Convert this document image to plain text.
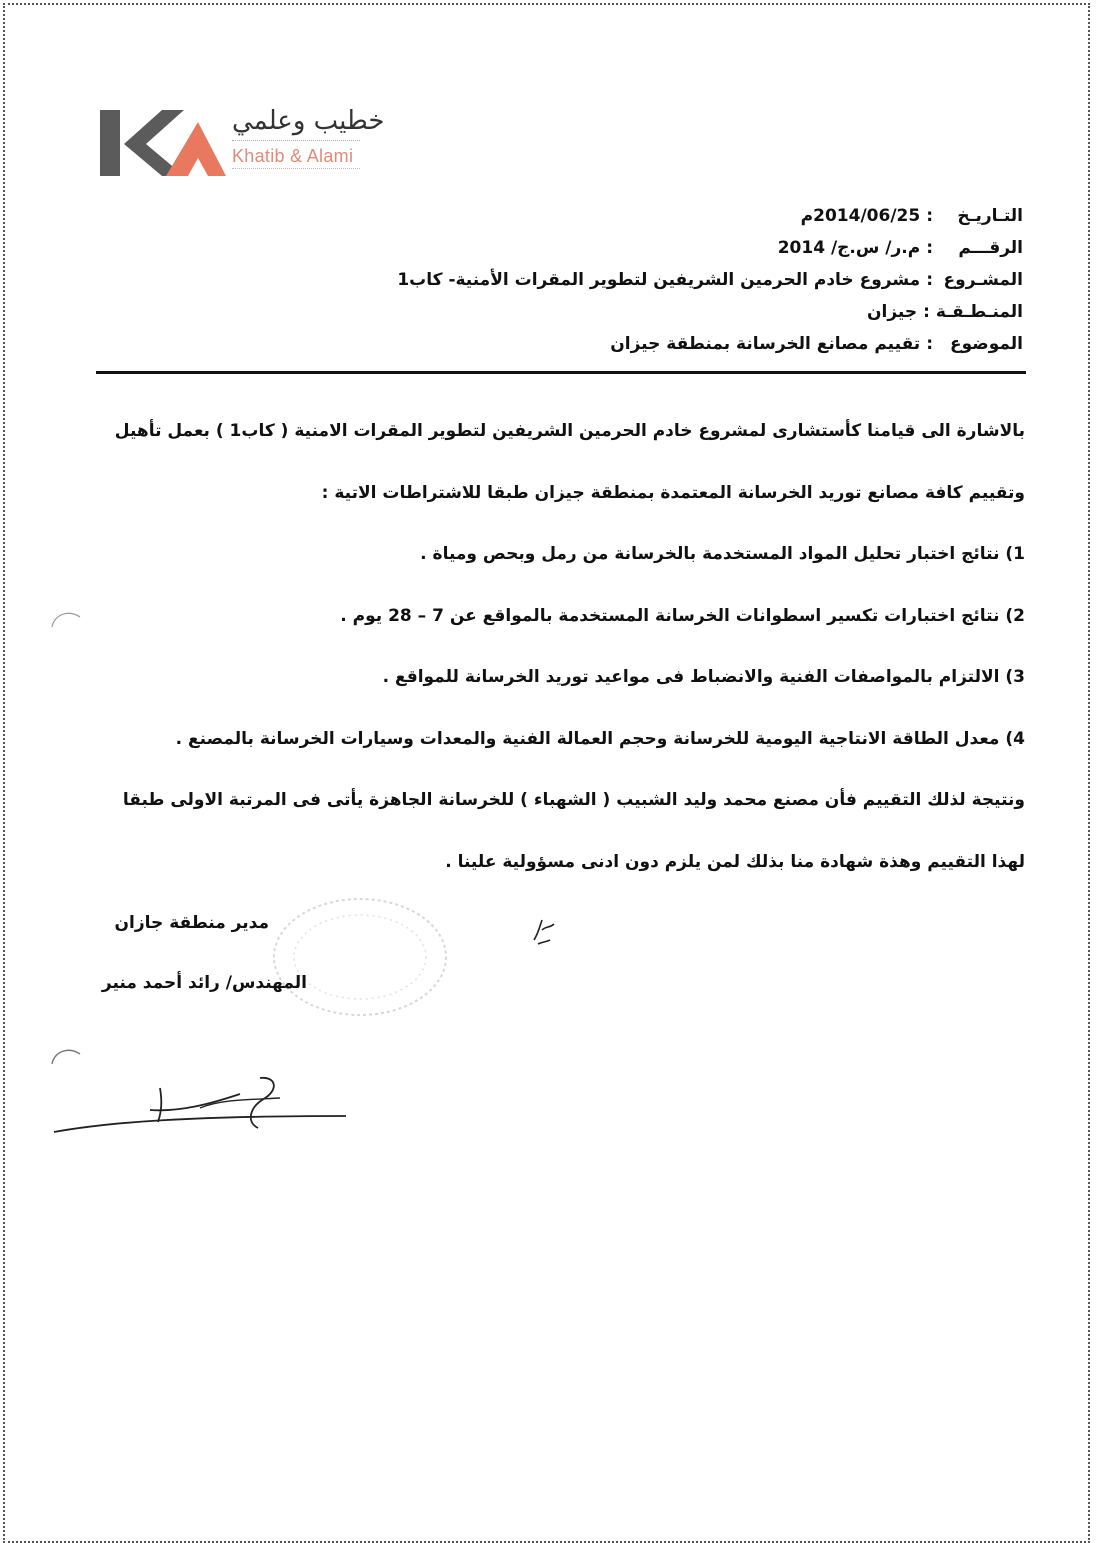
خطيب وعلمي
Khatib & Alami
التـاريـخ:2014/06/25م
الرقـــم:م.ر/ س.ج/ 2014
المشـروع:مشروع خادم الحرمين الشريفين لتطوير المقرات الأمنية- كاب1
المنـطـقـة:جيزان
الموضوع:تقييم مصانع الخرسانة بمنطقة جيزان
بالاشارة الى قيامنا كأستشارى لمشروع خادم الحرمين الشريفين لتطوير المقرات الامنية ( كاب1 ) بعمل تأهيل
وتقييم كافة مصانع توريد الخرسانة المعتمدة بمنطقة جيزان طبقا للاشتراطات الاتية :
1) نتائج اختبار تحليل المواد المستخدمة بالخرسانة من رمل وبحص ومياة .
2) نتائج اختبارات تكسير اسطوانات الخرسانة المستخدمة بالمواقع عن 7 – 28 يوم .
3) الالتزام بالمواصفات الفنية والانضباط فى مواعيد توريد الخرسانة للمواقع .
4) معدل الطاقة الانتاجية اليومية للخرسانة وحجم العمالة الفنية والمعدات وسيارات الخرسانة بالمصنع .
ونتيجة لذلك التقييم فأن مصنع محمد وليد الشبيب ( الشهباء ) للخرسانة الجاهزة يأتى فى المرتبة الاولى طبقا
لهذا التقييم وهذة شهادة منا بذلك لمن يلزم دون ادنى مسؤولية علينا .
مدير منطقة جازان
المهندس/ رائد أحمد منير
